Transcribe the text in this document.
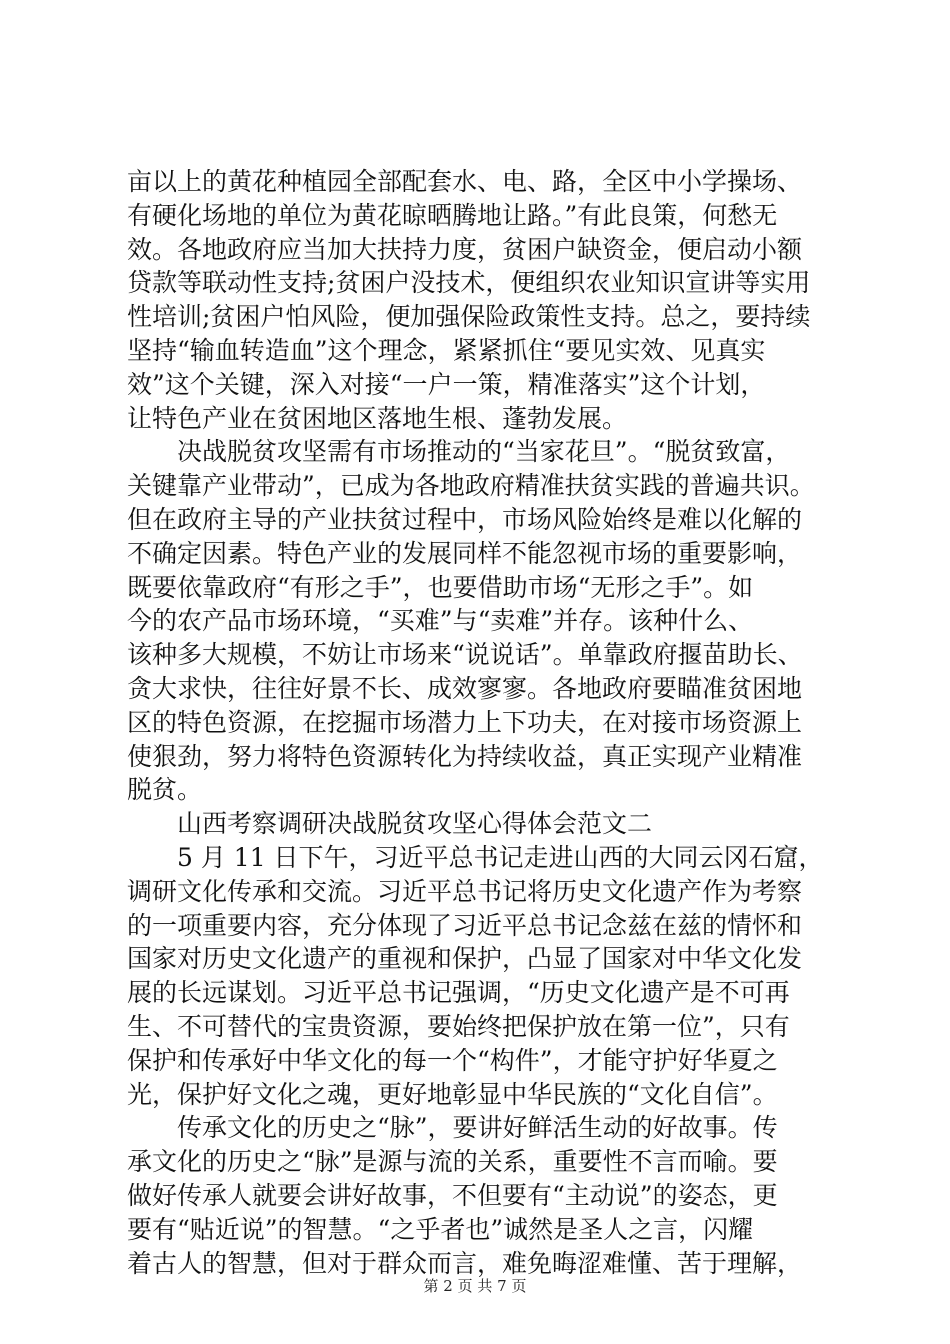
亩以上的黄花种植园全部配套水、电、路，全区中小学操场、
有硬化场地的单位为黄花晾晒腾地让路。”有此良策，何愁无
效。各地政府应当加大扶持力度，贫困户缺资金，便启动小额
贷款等联动性支持;贫困户没技术，便组织农业知识宣讲等实用
性培训;贫困户怕风险，便加强保险政策性支持。总之，要持续
坚持“输血转造血”这个理念，紧紧抓住“要见实效、见真实
效”这个关键，深入对接“一户一策，精准落实”这个计划，
让特色产业在贫困地区落地生根、蓬勃发展。
决战脱贫攻坚需有市场推动的“当家花旦”。“脱贫致富，
关键靠产业带动”，已成为各地政府精准扶贫实践的普遍共识。
但在政府主导的产业扶贫过程中，市场风险始终是难以化解的
不确定因素。特色产业的发展同样不能忽视市场的重要影响，
既要依靠政府“有形之手”，也要借助市场“无形之手”。如
今的农产品市场环境，“买难”与“卖难”并存。该种什么、
该种多大规模，不妨让市场来“说说话”。单靠政府揠苗助长、
贪大求快，往往好景不长、成效寥寥。各地政府要瞄准贫困地
区的特色资源，在挖掘市场潜力上下功夫，在对接市场资源上
使狠劲，努力将特色资源转化为持续收益，真正实现产业精准
脱贫。
山西考察调研决战脱贫攻坚心得体会范文二
5 月 11 日下午，习近平总书记走进山西的大同云冈石窟，
调研文化传承和交流。习近平总书记将历史文化遗产作为考察
的一项重要内容，充分体现了习近平总书记念兹在兹的情怀和
国家对历史文化遗产的重视和保护，凸显了国家对中华文化发
展的长远谋划。习近平总书记强调，“历史文化遗产是不可再
生、不可替代的宝贵资源，要始终把保护放在第一位”，只有
保护和传承好中华文化的每一个“构件”，才能守护好华夏之
光，保护好文化之魂，更好地彰显中华民族的“文化自信”。
传承文化的历史之“脉”，要讲好鲜活生动的好故事。传
承文化的历史之“脉”是源与流的关系，重要性不言而喻。要
做好传承人就要会讲好故事，不但要有“主动说”的姿态，更
要有“贴近说”的智慧。“之乎者也”诚然是圣人之言，闪耀
着古人的智慧，但对于群众而言，难免晦涩难懂、苦于理解，
第 2 页 共 7 页
